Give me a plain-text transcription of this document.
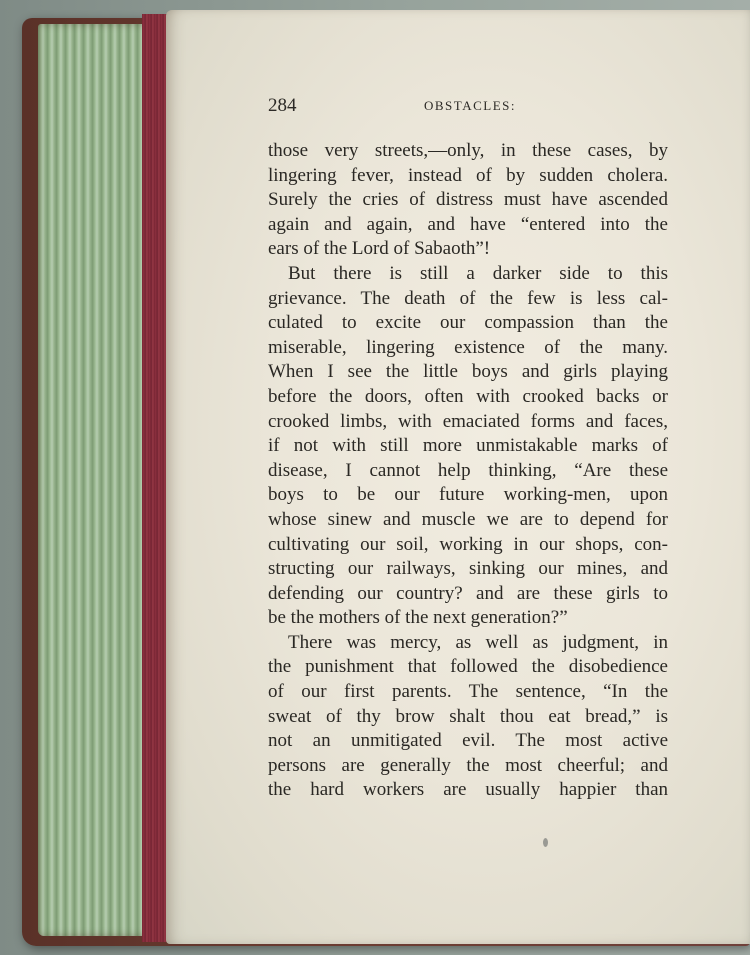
284	OBSTACLES:
those very streets,—only, in these cases, by
lingering fever, instead of by sudden cholera.
Surely the cries of distress must have ascended
again and again, and have “entered into the
ears of the Lord of Sabaoth”!
But there is still a darker side to this
grievance. The death of the few is less cal-
culated to excite our compassion than the
miserable, lingering existence of the many.
When I see the little boys and girls playing
before the doors, often with crooked backs or
crooked limbs, with emaciated forms and faces,
if not with still more unmistakable marks of
disease, I cannot help thinking, “Are these
boys to be our future working-men, upon
whose sinew and muscle we are to depend for
cultivating our soil, working in our shops, con-
structing our railways, sinking our mines, and
defending our country? and are these girls to
be the mothers of the next generation?”
There was mercy, as well as judgment, in
the punishment that followed the disobedience
of our first parents. The sentence, “In the
sweat of thy brow shalt thou eat bread,” is
not an unmitigated evil. The most active
persons are generally the most cheerful; and
the hard workers are usually happier than
